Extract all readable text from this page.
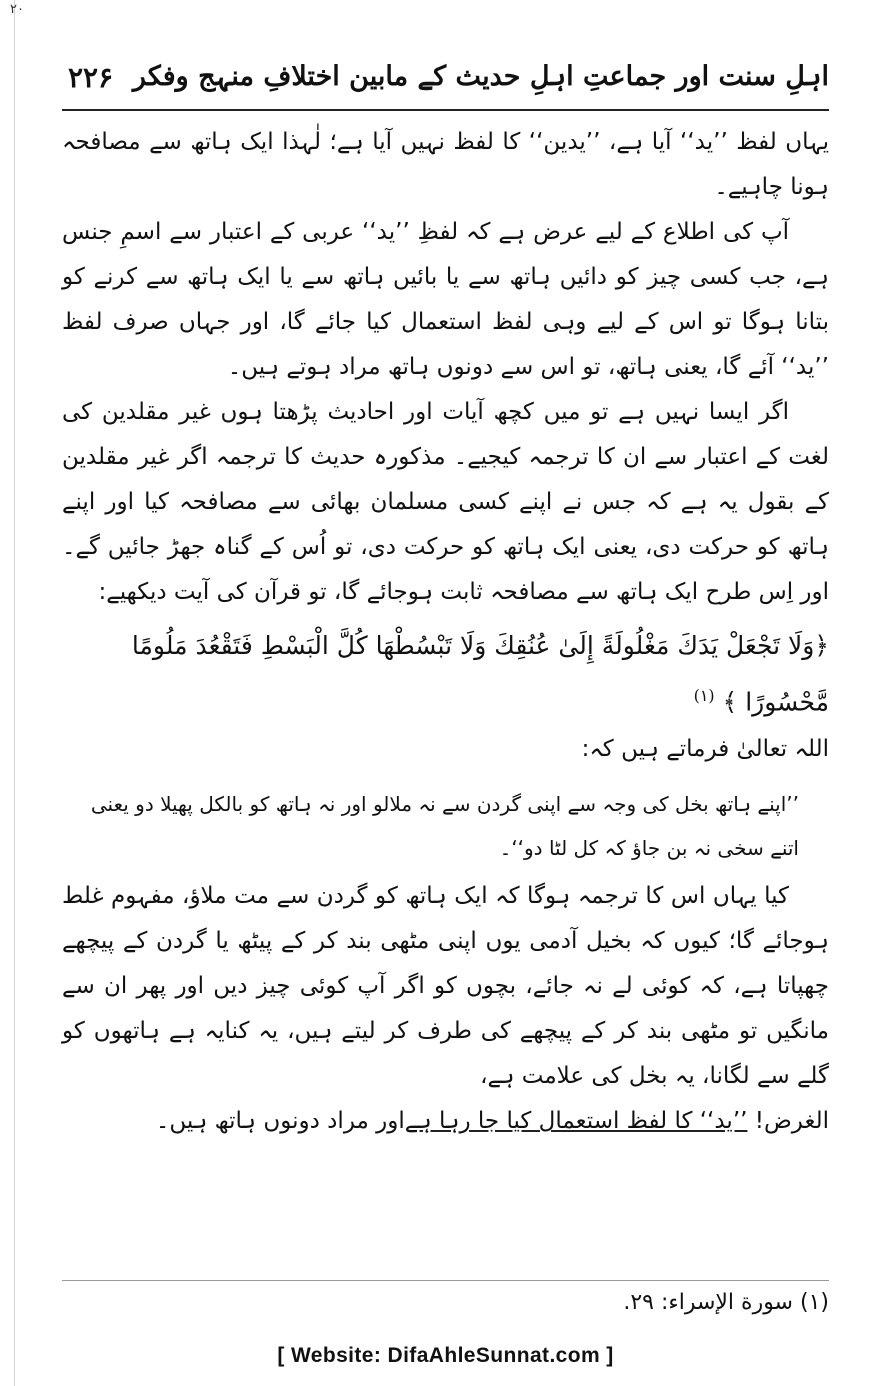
۲۰
اہلِ سنت اور جماعتِ اہلِ حدیث کے مابین اختلافِ منہج وفکر
۲۲۶

یہاں لفظ ’’ید‘‘ آیا ہے، ’’یدین‘‘ کا لفظ نہیں آیا ہے؛ لٰہذا ایک ہاتھ سے مصافحہ ہونا چاہیے۔

آپ کی اطلاع کے لیے عرض ہے کہ لفظِ ’’ید‘‘ عربی کے اعتبار سے اسمِ جنس ہے، جب کسی چیز کو دائیں ہاتھ سے یا بائیں ہاتھ سے یا ایک ہاتھ سے کرنے کو بتانا ہوگا تو اس کے لیے وہی لفظ استعمال کیا جائے گا، اور جہاں صرف لفظ ’’ید‘‘ آئے گا، یعنی ہاتھ، تو اس سے دونوں ہاتھ مراد ہوتے ہیں۔

اگر ایسا نہیں ہے تو میں کچھ آیات اور احادیث پڑھتا ہوں غیر مقلدین کی لغت کے اعتبار سے ان کا ترجمہ کیجیے۔ مذکورہ حدیث کا ترجمہ اگر غیر مقلدین کے بقول یہ ہے کہ جس نے اپنے کسی مسلمان بھائی سے مصافحہ کیا اور اپنے ہاتھ کو حرکت دی، یعنی ایک ہاتھ کو حرکت دی، تو اُس کے گناہ جھڑ جائیں گے۔ اور اِس طرح ایک ہاتھ سے مصافحہ ثابت ہوجائے گا، تو قرآن کی آیت دیکھیے:

﴿وَلَا تَجْعَلْ يَدَكَ مَغْلُولَةً إِلَىٰ عُنُقِكَ وَلَا تَبْسُطْهَا كُلَّ الْبَسْطِ فَتَقْعُدَ مَلُومًا مَّحْسُورًا ﴾ $^{(۱)}$

اللہ تعالیٰ فرماتے ہیں کہ:

’’اپنے ہاتھ بخل کی وجہ سے اپنی گردن سے نہ ملالو اور نہ ہاتھ کو بالکل پھیلا دو یعنی اتنے سخی نہ بن جاؤ کہ کل لٹا دو‘‘۔

کیا یہاں اس کا ترجمہ ہوگا کہ ایک ہاتھ کو گردن سے مت ملاؤ، مفہوم غلط ہوجائے گا؛ کیوں کہ بخیل آدمی یوں اپنی مٹھی بند کر کے پیٹھ یا گردن کے پیچھے چھپاتا ہے، کہ کوئی لے نہ جائے، بچوں کو اگر آپ کوئی چیز دیں اور پھر ان سے مانگیں تو مٹھی بند کر کے پیچھے کی طرف کر لیتے ہیں، یہ کنایہ ہے ہاتھوں کو گلے سے لگانا، یہ بخل کی علامت ہے،

الغرض! ’’ید‘‘ کا لفظ استعمال کیا جا رہا ہےاور مراد دونوں ہاتھ ہیں۔

(۱) سورة الإسراء: ٢٩.
[ Website: DifaAhleSunnat.com ]
